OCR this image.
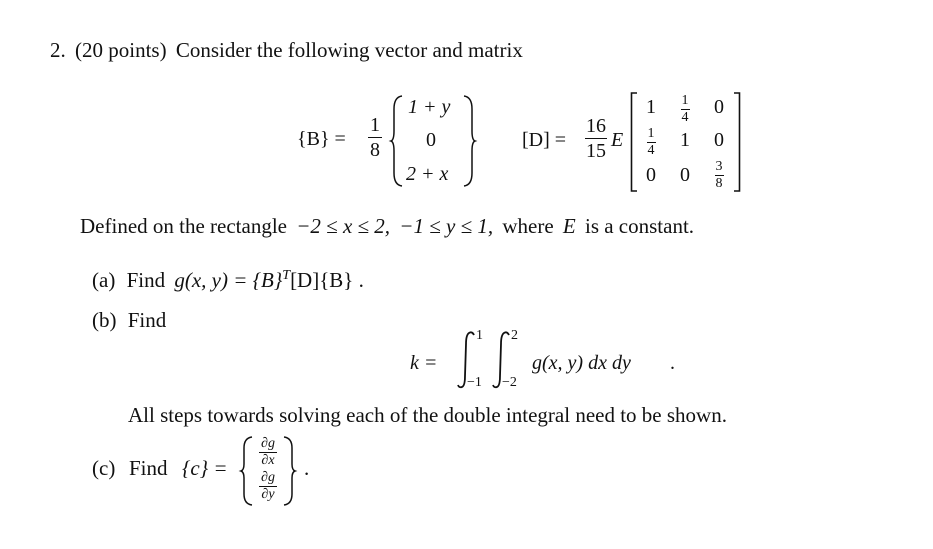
2. (20 points) Consider the following vector and matrix
{B} =
1
8
1 + y
0
2 + x
[D] =
16
15
E
1 1
4 0
1
4 1 0
0 0 3
8
Defined on the rectangle −2 ≤ x ≤ 2, −1 ≤ y ≤ 1, where E is a constant.
(a) Find g(x, $y) = \{B\}^T[D]\{B\}$ .
(b) Find
k =
1
−1
2
−2
g(x, y) dx dy .
All steps towards solving each of the double integral need to be shown.
(c) Find {c} =
∂g
∂x
∂g
∂y
.
